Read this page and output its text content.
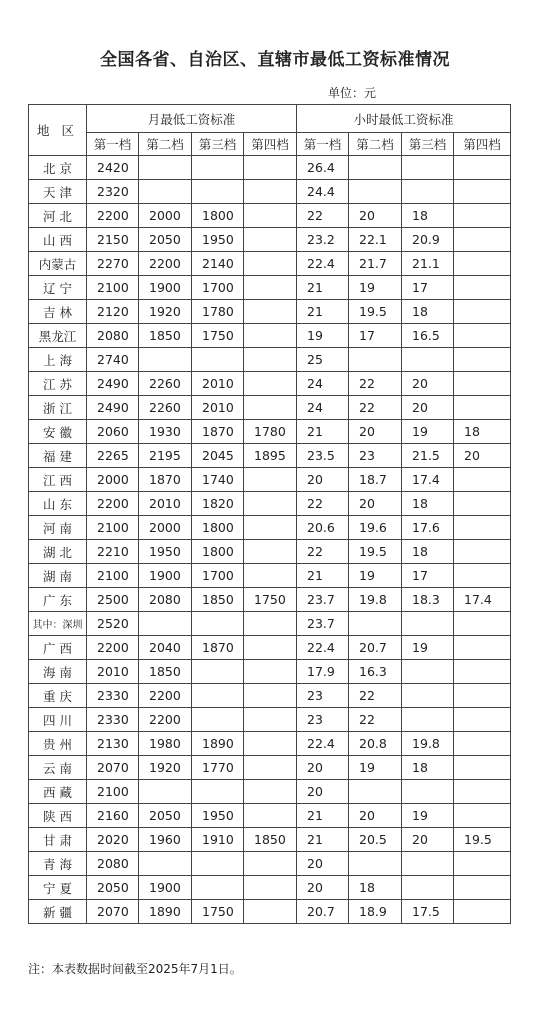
全国各省、自治区、直辖市最低工资标准情况
单位：元
地 区	月最低工资标准				小时最低工资标准			
	第一档	第二档	第三档	第四档	第一档	第二档	第三档	第四档
北 京	2420				26.4			
天 津	2320				24.4			
河 北	2200	2000	1800		22	20	18	
山 西	2150	2050	1950		23.2	22.1	20.9	
内蒙古	2270	2200	2140		22.4	21.7	21.1	
辽 宁	2100	1900	1700		21	19	17	
吉 林	2120	1920	1780		21	19.5	18	
黑龙江	2080	1850	1750		19	17	16.5	
上 海	2740				25			
江 苏	2490	2260	2010		24	22	20	
浙 江	2490	2260	2010		24	22	20	
安 徽	2060	1930	1870	1780	21	20	19	18
福 建	2265	2195	2045	1895	23.5	23	21.5	20
江 西	2000	1870	1740		20	18.7	17.4	
山 东	2200	2010	1820		22	20	18	
河 南	2100	2000	1800		20.6	19.6	17.6	
湖 北	2210	1950	1800		22	19.5	18	
湖 南	2100	1900	1700		21	19	17	
广 东	2500	2080	1850	1750	23.7	19.8	18.3	17.4
其中：深圳	2520				23.7			
广 西	2200	2040	1870		22.4	20.7	19	
海 南	2010	1850			17.9	16.3		
重 庆	2330	2200			23	22		
四 川	2330	2200			23	22		
贵 州	2130	1980	1890		22.4	20.8	19.8	
云 南	2070	1920	1770		20	19	18	
西 藏	2100				20			
陕 西	2160	2050	1950		21	20	19	
甘 肃	2020	1960	1910	1850	21	20.5	20	19.5
青 海	2080				20			
宁 夏	2050	1900			20	18		
新 疆	2070	1890	1750		20.7	18.9	17.5	
注：本表数据时间截至2025年7月1日。
